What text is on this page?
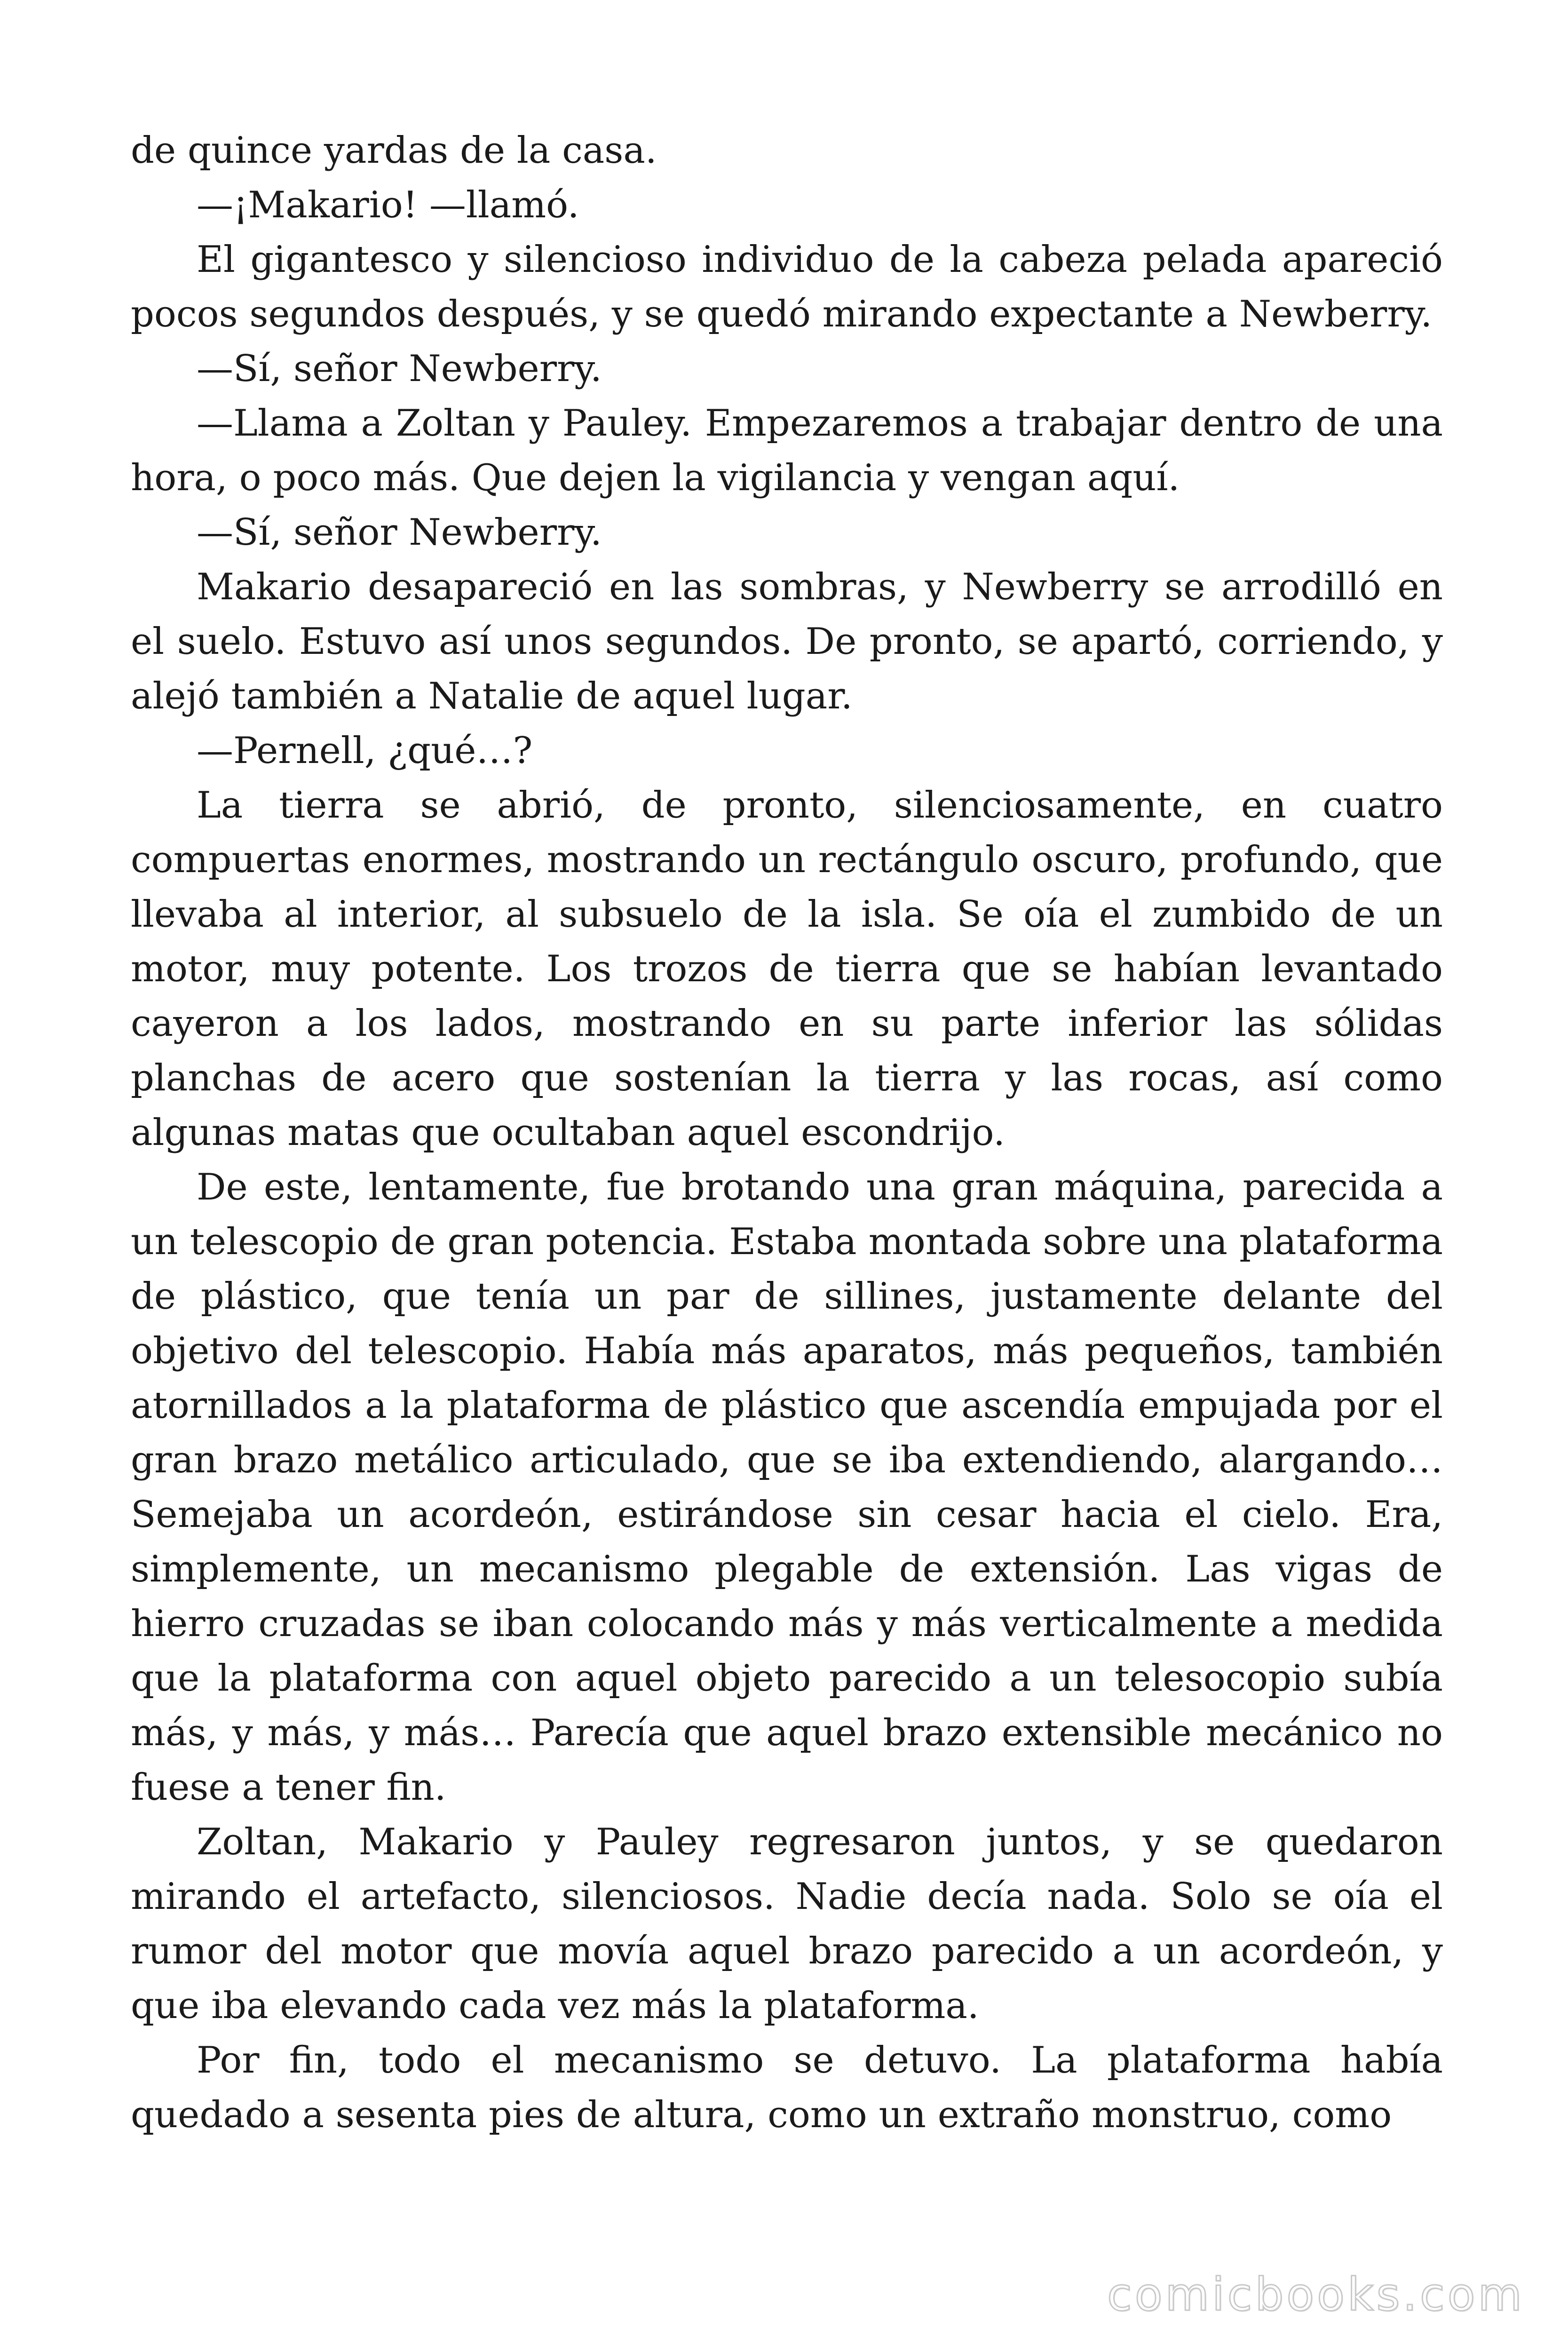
de quince yardas de la casa.

—¡Makario! —llamó.

El gigantesco y silencioso individuo de la cabeza pelada apareció pocos segundos después, y se quedó mirando expectante a Newberry.

—Sí, señor Newberry.

—Llama a Zoltan y Pauley. Empezaremos a trabajar dentro de una hora, o poco más. Que dejen la vigilancia y vengan aquí.

—Sí, señor Newberry.

Makario desapareció en las sombras, y Newberry se arrodilló en el suelo. Estuvo así unos segundos. De pronto, se apartó, corriendo, y alejó también a Natalie de aquel lugar.

—Pernell, ¿qué…?

La tierra se abrió, de pronto, silenciosamente, en cuatro compuertas enormes, mostrando un rectángulo oscuro, profundo, que llevaba al interior, al subsuelo de la isla. Se oía el zumbido de un motor, muy potente. Los trozos de tierra que se habían levantado cayeron a los lados, mostrando en su parte inferior las sólidas planchas de acero que sostenían la tierra y las rocas, así como algunas matas que ocultaban aquel escondrijo.

De este, lentamente, fue brotando una gran máquina, parecida a un telescopio de gran potencia. Estaba montada sobre una plataforma de plástico, que tenía un par de sillines, justamente delante del objetivo del telescopio. Había más aparatos, más pequeños, también atornillados a la plataforma de plástico que ascendía empujada por el gran brazo metálico articulado, que se iba extendiendo, alargando… Semejaba un acordeón, estirándose sin cesar hacia el cielo. Era, simplemente, un mecanismo plegable de extensión. Las vigas de hierro cruzadas se iban colocando más y más verticalmente a medida que la plataforma con aquel objeto parecido a un telesocopio subía más, y más, y más… Parecía que aquel brazo extensible mecánico no fuese a tener fin.

Zoltan, Makario y Pauley regresaron juntos, y se quedaron mirando el artefacto, silenciosos. Nadie decía nada. Solo se oía el rumor del motor que movía aquel brazo parecido a un acordeón, y que iba elevando cada vez más la plataforma.

Por fin, todo el mecanismo se detuvo. La plataforma había quedado a sesenta pies de altura, como un extraño monstruo, como

comicbooks.com
